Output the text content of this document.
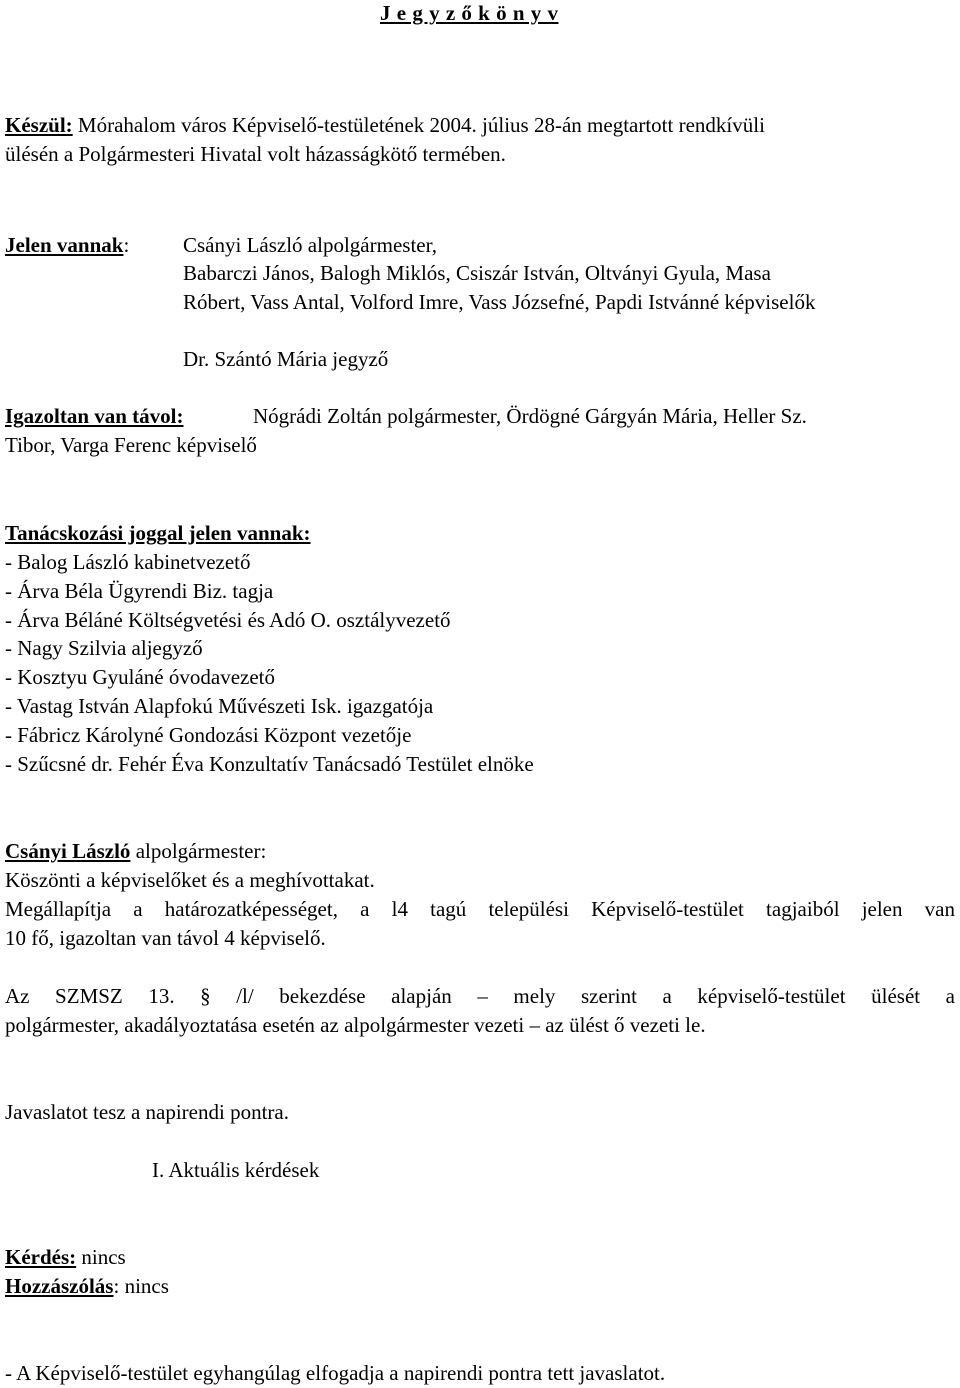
J e g y z ő k ö n y v
Készül: Mórahalom város Képviselő-testületének 2004. július 28-án megtartott rendkívüli
ülésén a Polgármesteri Hivatal volt házasságkötő termében.
Jelen vannak:	Csányi László alpolgármester,
Babarczi János, Balogh Miklós, Csiszár István, Oltványi Gyula, Masa
Róbert, Vass Antal, Volford Imre, Vass Józsefné, Papdi Istvánné képviselők
Dr. Szántó Mária jegyző
Igazoltan van távol:	Nógrádi Zoltán polgármester, Ördögné Gárgyán Mária, Heller Sz.
Tibor, Varga Ferenc képviselő
Tanácskozási joggal jelen vannak:
- Balog László kabinetvezető
- Árva Béla Ügyrendi Biz. tagja
- Árva Béláné Költségvetési és Adó O. osztályvezető
- Nagy Szilvia aljegyző
- Kosztyu Gyuláné óvodavezető
- Vastag István Alapfokú Művészeti Isk. igazgatója
- Fábricz Károlyné Gondozási Központ vezetője
- Szűcsné dr. Fehér Éva Konzultatív Tanácsadó Testület elnöke
Csányi László alpolgármester:
Köszönti a képviselőket és a meghívottakat.
Megállapítja a határozatképességet, a l4 tagú települési Képviselő-testület tagjaiból jelen van
10 fő, igazoltan van távol 4 képviselő.
Az SZMSZ 13. § /l/ bekezdése alapján – mely szerint a képviselő-testület ülését a
polgármester, akadályoztatása esetén az alpolgármester vezeti – az ülést ő vezeti le.
Javaslatot tesz a napirendi pontra.
I. Aktuális kérdések
Kérdés: nincs
Hozzászólás: nincs
- A Képviselő-testület egyhangúlag elfogadja a napirendi pontra tett javaslatot.
